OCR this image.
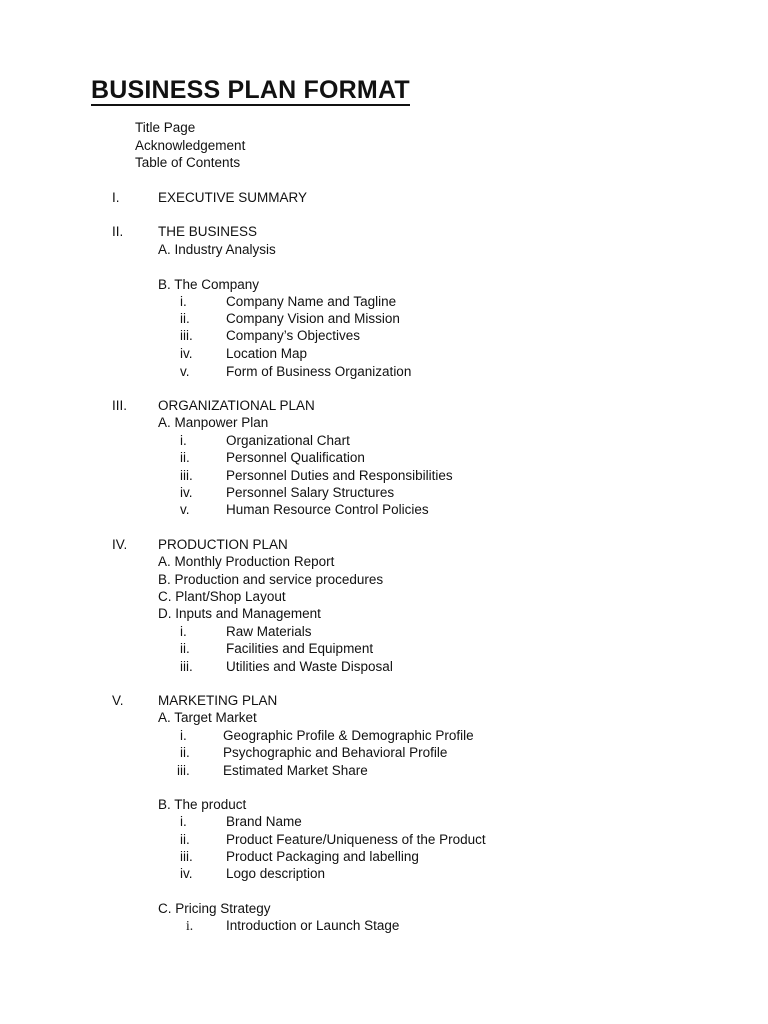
BUSINESS PLAN FORMAT
Title Page
Acknowledgement
Table of Contents
I.	EXECUTIVE SUMMARY
II.	THE BUSINESS
A. Industry Analysis
B. The Company
i.	Company Name and Tagline
ii.	Company Vision and Mission
iii. Company’s Objectives
iv. Location Map
v.	Form of Business Organization
III. ORGANIZATIONAL PLAN
A. Manpower Plan
i.	Organizational Chart
ii.	Personnel Qualification
iii. Personnel Duties and Responsibilities
iv. Personnel Salary Structures
v.	Human Resource Control Policies
IV. PRODUCTION PLAN
A. Monthly Production Report
B. Production and service procedures
C. Plant/Shop Layout
D. Inputs and Management
i.	Raw Materials
ii.	Facilities and Equipment
iii. Utilities and Waste Disposal
V.	MARKETING PLAN
A. Target Market
i.	Geographic Profile & Demographic Profile
ii. Psychographic and Behavioral Profile
iii. Estimated Market Share
B. The product
i.	Brand Name
ii.	Product Feature/Uniqueness of the Product
iii. Product Packaging and labelling
iv. Logo description
C. Pricing Strategy
i. Introduction or Launch Stage
